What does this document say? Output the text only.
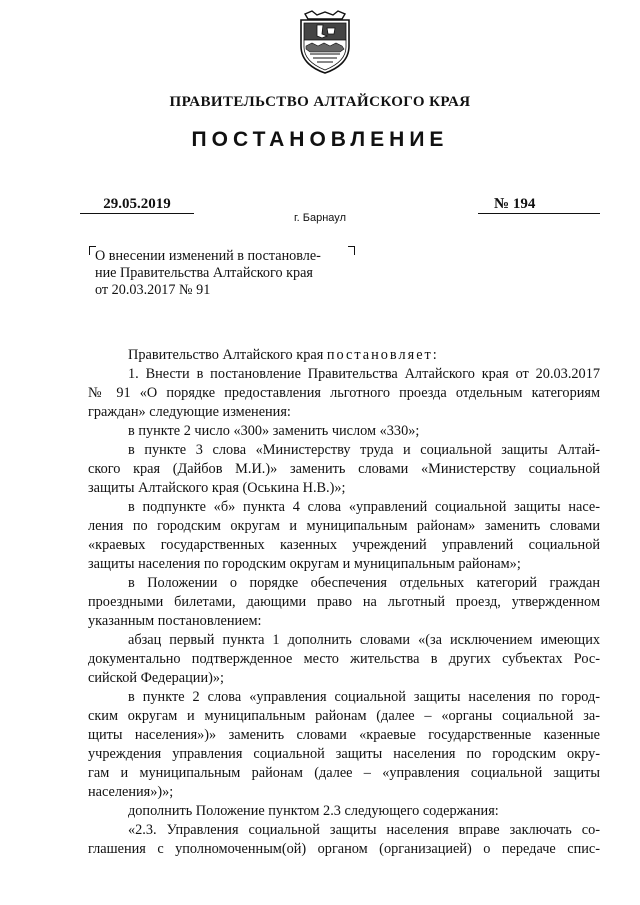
ПРАВИТЕЛЬСТВО АЛТАЙСКОГО КРАЯ
ПОСТАНОВЛЕНИЕ
29.05.2019	№ 194
г. Барнаул
О внесении изменений в постановле-
ние Правительства Алтайского края
от 20.03.2017 № 91
Правительство Алтайского края постановляет:
1. Внести в постановление Правительства Алтайского края от 20.03.2017
№ 91 «О порядке предоставления льготного проезда отдельным категориям
граждан» следующие изменения:
в пункте 2 число «300» заменить числом «330»;
в пункте 3 слова «Министерству труда и социальной защиты Алтай-
ского края (Дайбов М.И.)» заменить словами «Министерству социальной
защиты Алтайского края (Оськина Н.В.)»;
в подпункте «б» пункта 4 слова «управлений социальной защиты насе-
ления по городским округам и муниципальным районам» заменить словами
«краевых государственных казенных учреждений управлений социальной
защиты населения по городским округам и муниципальным районам»;
в Положении о порядке обеспечения отдельных категорий граждан
проездными билетами, дающими право на льготный проезд, утвержденном
указанным постановлением:
абзац первый пункта 1 дополнить словами «(за исключением имеющих
документально подтвержденное место жительства в других субъектах Рос-
сийской Федерации)»;
в пункте 2 слова «управления социальной защиты населения по город-
ским округам и муниципальным районам (далее – «органы социальной за-
щиты населения»)» заменить словами «краевые государственные казенные
учреждения управления социальной защиты населения по городским окру-
гам и муниципальным районам (далее – «управления социальной защиты
населения»)»;
дополнить Положение пунктом 2.3 следующего содержания:
«2.3. Управления социальной защиты населения вправе заключать со-
глашения с уполномоченным(ой) органом (организацией) о передаче спис-
